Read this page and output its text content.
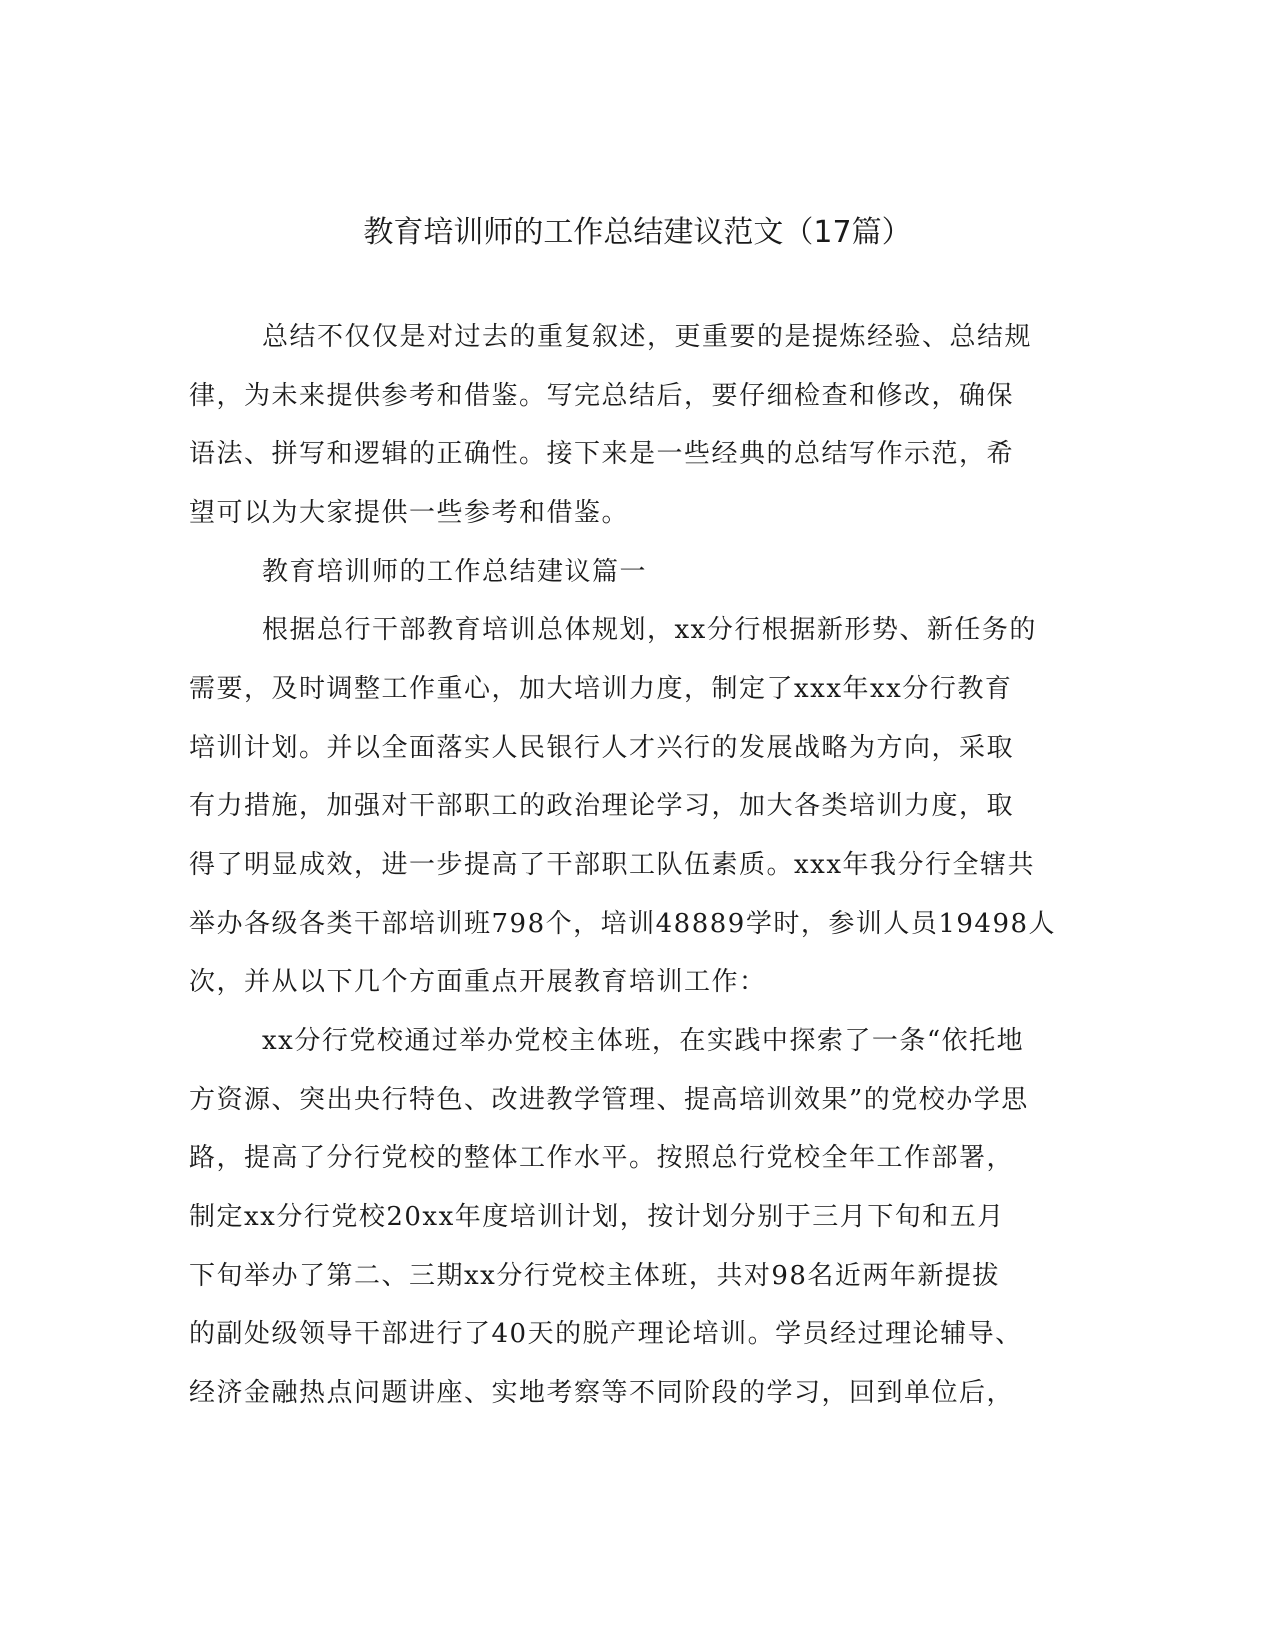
教育培训师的工作总结建议范文（17篇）
总结不仅仅是对过去的重复叙述，更重要的是提炼经验、总结规
律，为未来提供参考和借鉴。写完总结后，要仔细检查和修改，确保
语法、拼写和逻辑的正确性。接下来是一些经典的总结写作示范，希
望可以为大家提供一些参考和借鉴。
教育培训师的工作总结建议篇一
根据总行干部教育培训总体规划，xx分行根据新形势、新任务的
需要，及时调整工作重心，加大培训力度，制定了xxx年xx分行教育
培训计划。并以全面落实人民银行人才兴行的发展战略为方向，采取
有力措施，加强对干部职工的政治理论学习，加大各类培训力度，取
得了明显成效，进一步提高了干部职工队伍素质。xxx年我分行全辖共
举办各级各类干部培训班798个，培训48889学时，参训人员19498人
次，并从以下几个方面重点开展教育培训工作：
xx分行党校通过举办党校主体班，在实践中探索了一条“依托地
方资源、突出央行特色、改进教学管理、提高培训效果”的党校办学思
路，提高了分行党校的整体工作水平。按照总行党校全年工作部署，
制定xx分行党校20xx年度培训计划，按计划分别于三月下旬和五月
下旬举办了第二、三期xx分行党校主体班，共对98名近两年新提拔
的副处级领导干部进行了40天的脱产理论培训。学员经过理论辅导、
经济金融热点问题讲座、实地考察等不同阶段的学习，回到单位后，
